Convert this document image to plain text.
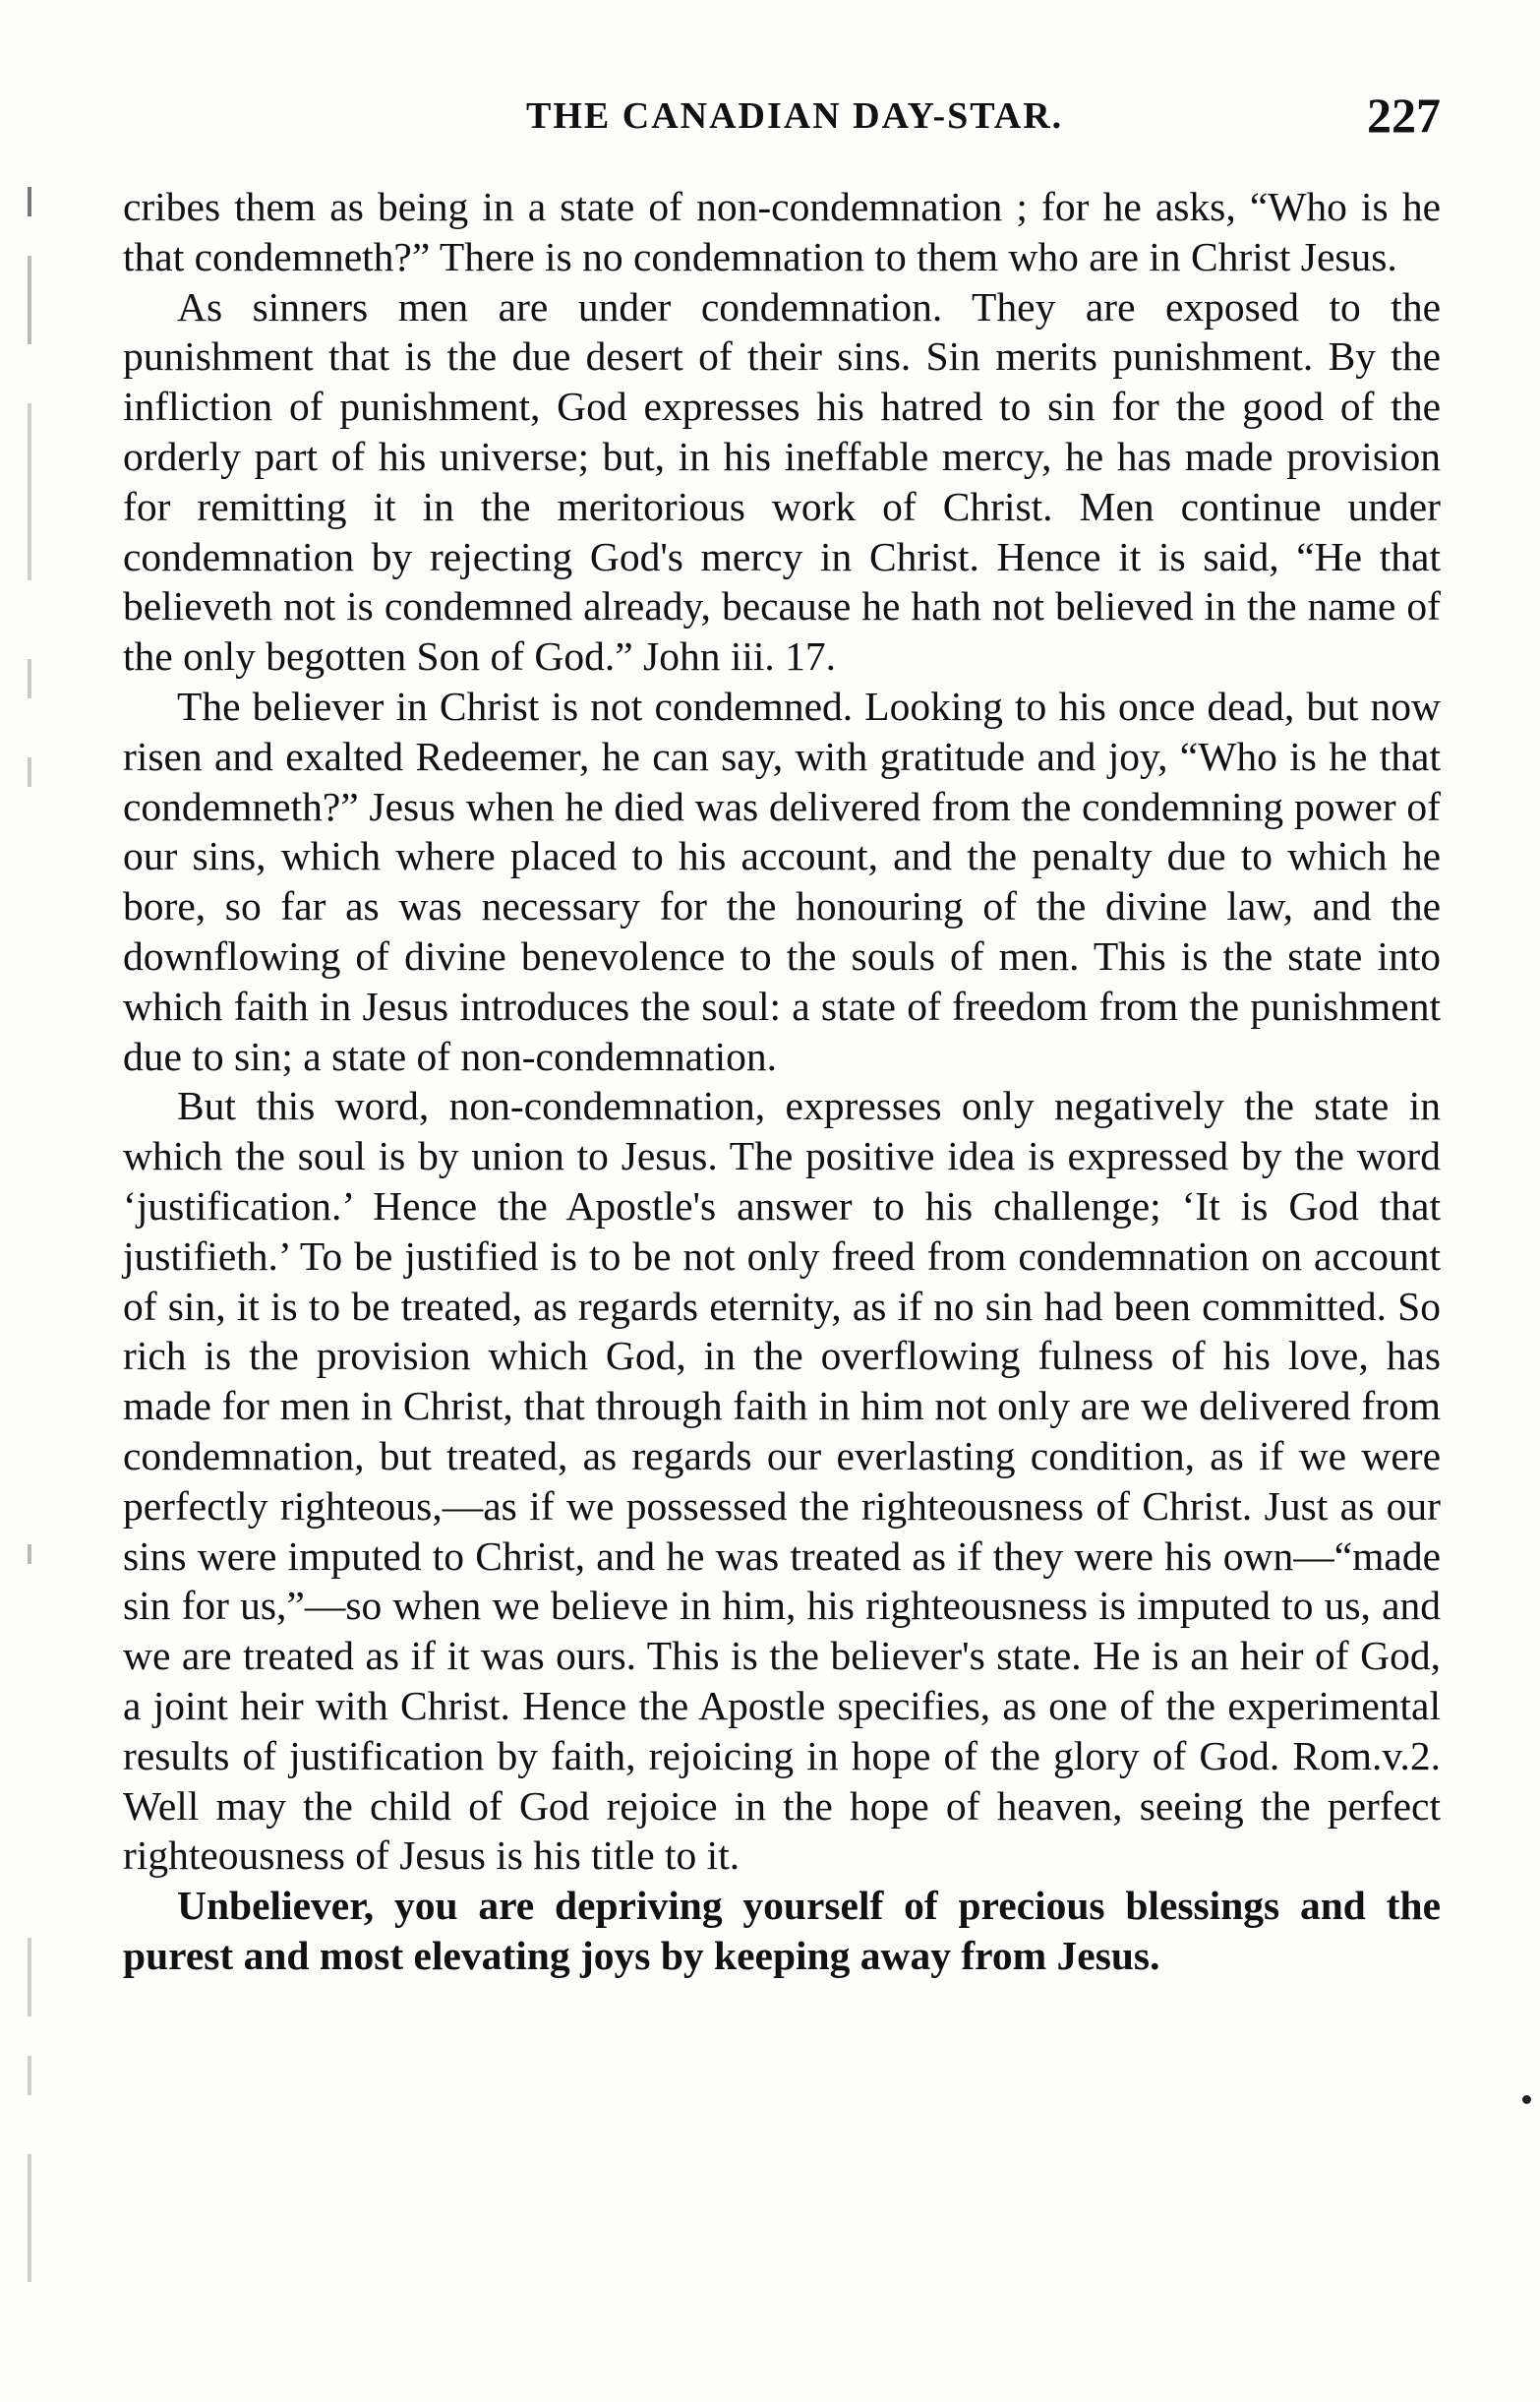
THE CANADIAN DAY-STAR.	227

cribes them as being in a state of non-condemnation ; for he asks, “Who is he that condemneth?” There is no condemnation to them who are in Christ Jesus.

As sinners men are under condemnation. They are exposed to the punishment that is the due desert of their sins. Sin merits punishment. By the infliction of punishment, God expresses his hatred to sin for the good of the orderly part of his universe; but, in his ineffable mercy, he has made provision for remitting it in the meritorious work of Christ. Men continue under condemnation by rejecting God's mercy in Christ. Hence it is said, “He that believeth not is condemned already, because he hath not believed in the name of the only begotten Son of God.” John iii. 17.

The believer in Christ is not condemned. Looking to his once dead, but now risen and exalted Redeemer, he can say, with gratitude and joy, “Who is he that condemneth?” Jesus when he died was delivered from the condemning power of our sins, which where placed to his account, and the penalty due to which he bore, so far as was necessary for the honouring of the divine law, and the downflowing of divine benevolence to the souls of men. This is the state into which faith in Jesus introduces the soul: a state of freedom from the punishment due to sin; a state of non-condemnation.

But this word, non-condemnation, expresses only negatively the state in which the soul is by union to Jesus. The positive idea is expressed by the word ‘justification.’ Hence the Apostle's answer to his challenge; ‘It is God that justifieth.’ To be justified is to be not only freed from condemnation on account of sin, it is to be treated, as regards eternity, as if no sin had been committed. So rich is the provision which God, in the overflowing fulness of his love, has made for men in Christ, that through faith in him not only are we delivered from condemnation, but treated, as regards our everlasting condition, as if we were perfectly righteous,—as if we possessed the righteousness of Christ. Just as our sins were imputed to Christ, and he was treated as if they were his own—“made sin for us,”—so when we believe in him, his righteousness is imputed to us, and we are treated as if it was ours. This is the believer's state. He is an heir of God, a joint heir with Christ. Hence the Apostle specifies, as one of the experimental results of justification by faith, rejoicing in hope of the glory of God. Rom.v.2. Well may the child of God rejoice in the hope of heaven, seeing the perfect righteousness of Jesus is his title to it.

Unbeliever, you are depriving yourself of precious blessings and the purest and most elevating joys by keeping away from Jesus.
